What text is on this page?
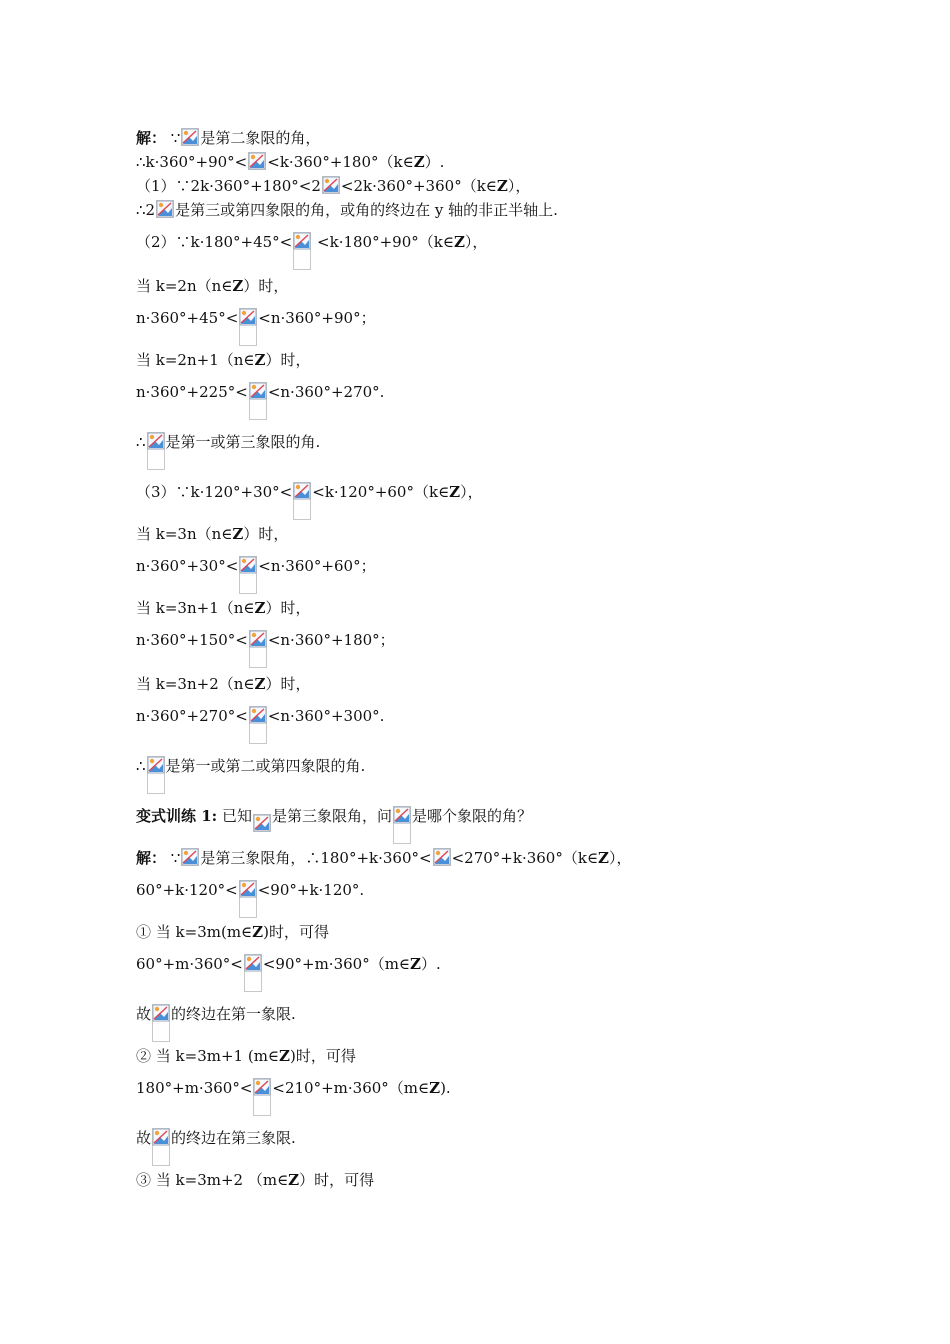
解： ∵ 是第二象限的角，
∴k·360°+90°< <k·360°+180°（k∈Z）.
（1）∵2k·360°+180°<2 <2k·360°+360°（k∈Z），
∴2 是第三或第四象限的角，或角的终边在 y 轴的非正半轴上.
（2）∵k·180°+45°<
<k·180°+90°（k∈Z），
当 k=2n（n∈Z）时，
n·360°+45°< <n·360°+90°；
当 k=2n+1（n∈Z）时，
n·360°+225°< <n·360°+270°.
∴ 是第一或第三象限的角.
（3）∵k·120°+30°< <k·120°+60°（k∈Z），
当 k=3n（n∈Z）时，
n·360°+30°< <n·360°+60°；
当 k=3n+1（n∈Z）时，
n·360°+150°< <n·360°+180°；
当 k=3n+2（n∈Z）时，
n·360°+270°< <n·360°+300°.
∴ 是第一或第二或第四象限的角.
变式训练 1: 已知 是第三象限角，问 是哪个象限的角？
解： ∵ 是第三象限角，∴180°+k·360°< <270°+k·360°（k∈Z），
60°+k·120°< <90°+k·120°.
① 当 k=3m(m∈Z)时，可得
60°+m·360°< <90°+m·360°（m∈Z）.
故 的终边在第一象限.
② 当 k=3m+1 (m∈Z)时，可得
180°+m·360°< <210°+m·360°（m∈Z).
故 的终边在第三象限.
③ 当 k=3m+2 （m∈Z）时，可得
